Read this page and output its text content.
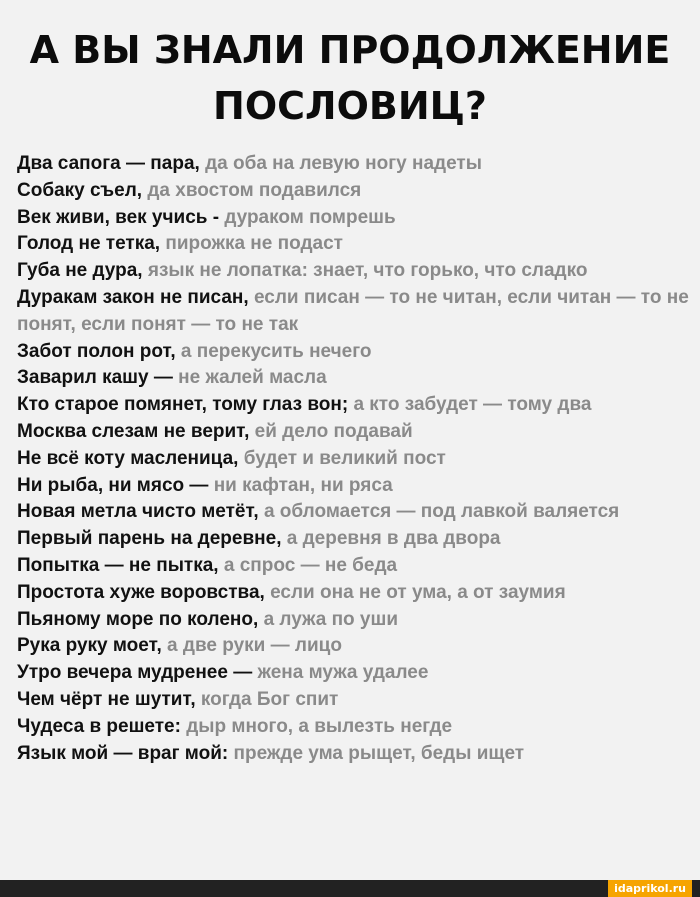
А ВЫ ЗНАЛИ ПРОДОЛЖЕНИЕ
ПОСЛОВИЦ?

Два сапога — пара, да оба на левую ногу надеты

Собаку съел, да хвостом подавился

Век живи, век учись - дураком помрешь

Голод не тетка, пирожка не подаст

Губа не дура, язык не лопатка: знает, что горько, что сладко

Дуракам закон не писан, если писан — то не читан, если читан — то не понят, если понят — то не так

Забот полон рот, а перекусить нечего

Заварил кашу — не жалей масла

Кто старое помянет, тому глаз вон; а кто забудет — тому два

Москва слезам не верит, ей дело подавай

Не всё коту масленица, будет и великий пост

Ни рыба, ни мясо — ни кафтан, ни ряса

Новая метла чисто метёт, а обломается — под лавкой валяется

Первый парень на деревне, а деревня в два двора

Попытка — не пытка, а спрос — не беда

Простота хуже воровства, если она не от ума, а от заумия

Пьяному море по колено, а лужа по уши

Рука руку моет, а две руки — лицо

Утро вечера мудренее — жена мужа удалее

Чем чёрт не шутит, когда Бог спит

Чудеса в решете: дыр много, а вылезть негде

Язык мой — враг мой: прежде ума рыщет, беды ищет

idaprikol.ru
